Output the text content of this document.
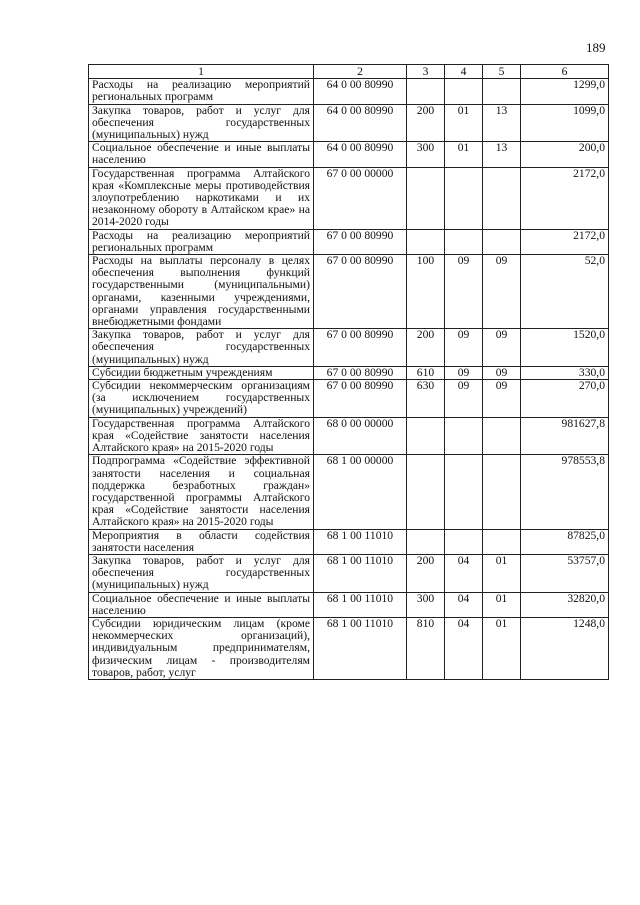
189
1	2	3	4	5	6
Расходы на реализацию мероприятий региональных программ	64 0 00 80990				1299,0
Закупка товаров, работ и услуг для обеспечения государственных (муниципальных) нужд	64 0 00 80990	200	01	13	1099,0
Социальное обеспечение и иные выплаты населению	64 0 00 80990	300	01	13	200,0
Государственная программа Алтайского края «Комплексные меры противодействия злоупотреблению наркотиками и их незаконному обороту в Алтайском крае» на 2014-2020 годы	67 0 00 00000				2172,0
Расходы на реализацию мероприятий региональных программ	67 0 00 80990				2172,0
Расходы на выплаты персоналу в целях обеспечения выполнения функций государственными (муниципальными) органами, казенными учреждениями, органами управления государственными внебюджетными фондами	67 0 00 80990	100	09	09	52,0
Закупка товаров, работ и услуг для обеспечения государственных (муниципальных) нужд	67 0 00 80990	200	09	09	1520,0
Субсидии бюджетным учреждениям	67 0 00 80990	610	09	09	330,0
Субсидии некоммерческим организациям (за исключением государственных (муниципальных) учреждений)	67 0 00 80990	630	09	09	270,0
Государственная программа Алтайского края «Содействие занятости населения Алтайского края» на 2015-2020 годы	68 0 00 00000				981627,8
Подпрограмма «Содействие эффективной занятости населения и социальная поддержка безработных граждан» государственной программы Алтайского края «Содействие занятости населения Алтайского края» на 2015-2020 годы	68 1 00 00000				978553,8
Мероприятия в области содействия занятости населения	68 1 00 11010				87825,0
Закупка товаров, работ и услуг для обеспечения государственных (муниципальных) нужд	68 1 00 11010	200	04	01	53757,0
Социальное обеспечение и иные выплаты населению	68 1 00 11010	300	04	01	32820,0
Субсидии юридическим лицам (кроме некоммерческих организаций), индивидуальным предпринимателям, физическим лицам - производителям товаров, работ, услуг	68 1 00 11010	810	04	01	1248,0
